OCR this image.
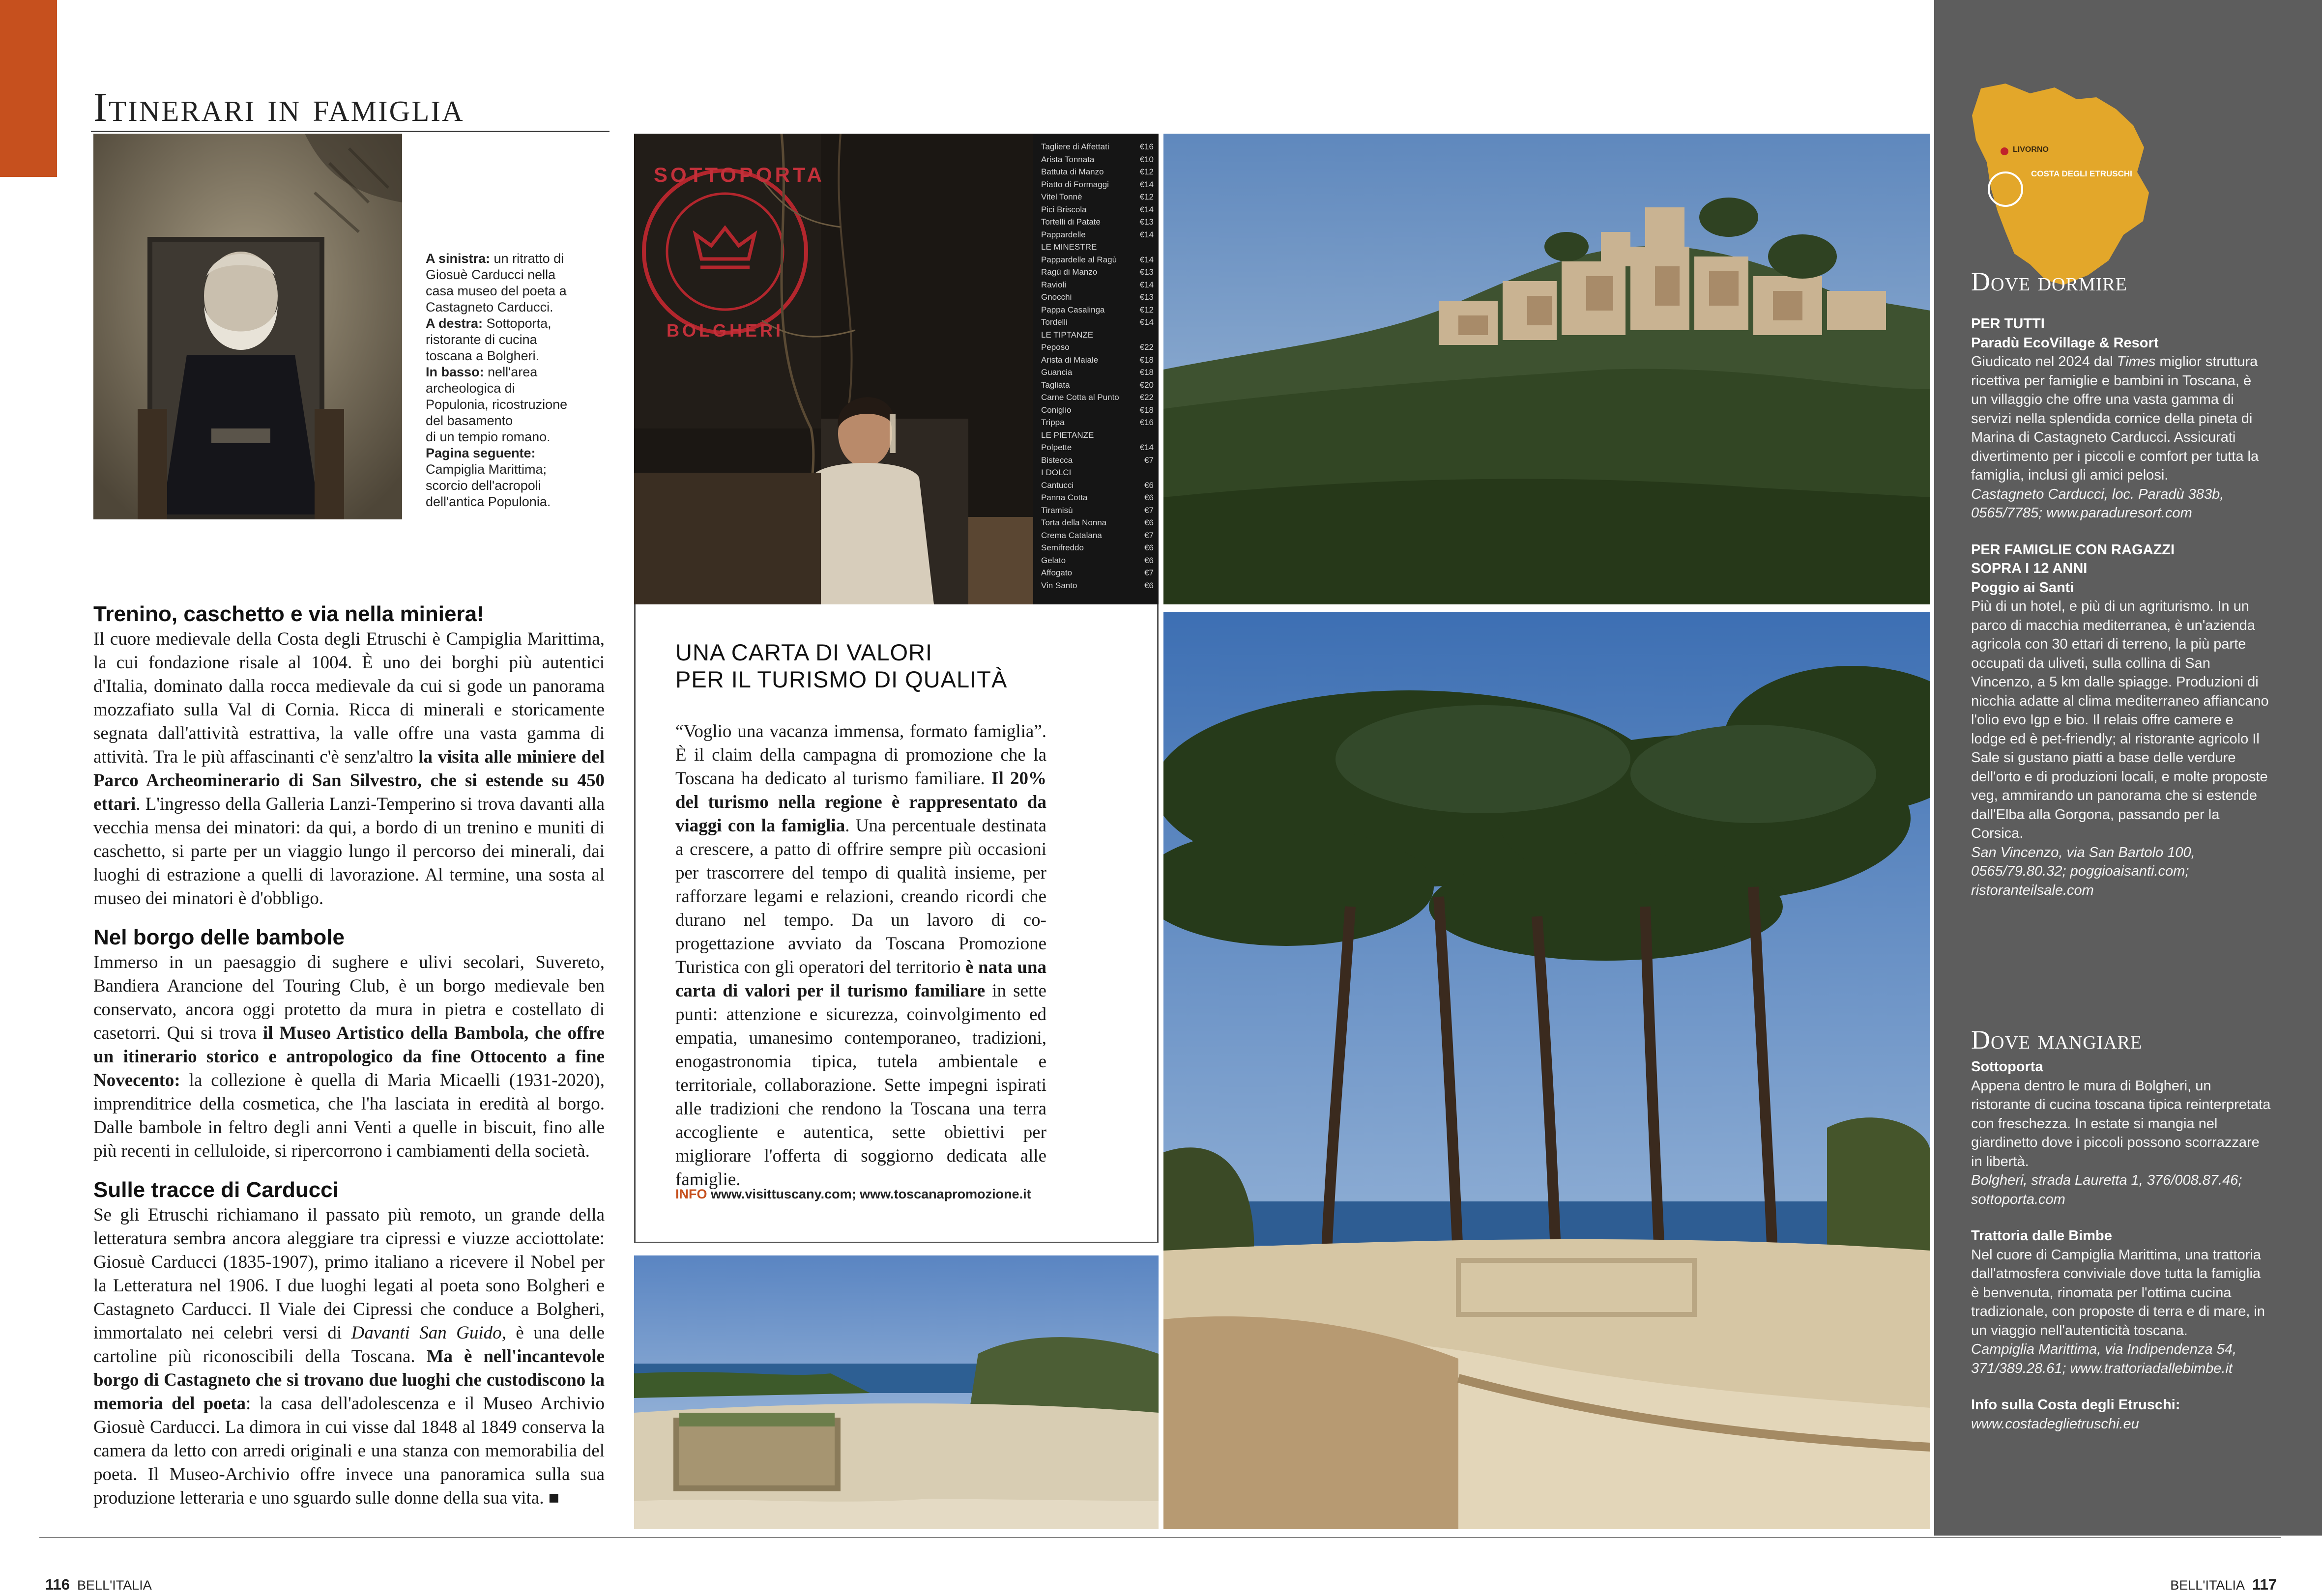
Itinerari in famiglia
A sinistra: un ritratto di
Giosuè Carducci nella
casa museo del poeta a
Castagneto Carducci.
A destra: Sottoporta,
ristorante di cucina
toscana a Bolgheri.
In basso: nell'area
archeologica di
Populonia, ricostruzione
del basamento
di un tempio romano.
Pagina seguente:
Campiglia Marittima;
scorcio dell'acropoli
dell'antica Populonia.
SOTTOPORTA
BOLGHERI
Tagliere di Affettati	€16
Arista Tonnata	€10
Battuta di Manzo	€12
Piatto di Formaggi	€14
Vitel Tonnè	€12
Pici Briscola	€14
Tortelli di Patate	€13
Pappardelle	€14
LE MINESTRE
Pappardelle al Ragù	€14
Ragù di Manzo	€13
Ravioli	€14
Gnocchi	€13
Pappa Casalinga	€12
Tordelli	€14
LE TIPTANZE
Peposo	€22
Arista di Maiale	€18
Guancia	€18
Tagliata	€20
Carne Cotta al Punto €22
Coniglio	€18
Trippa	€16
LE PIETANZE
Polpette	€14
Bistecca	€7
I DOLCI
Cantucci	€6
Panna Cotta	€6
Tiramisù	€7
Torta della Nonna	€6
Crema Catalana	€7
Semifreddo	€6
Gelato	€6
Affogato	€7
Vin Santo	€6
UNA CARTA DI VALORI
PER IL TURISMO DI QUALITÀ

“Voglio una vacanza immensa, formato famiglia”. È il claim della campagna di promozione che la Toscana ha dedicato al turismo familiare. Il 20% del turismo nella regione è rappresentato da viaggi con la famiglia. Una percentuale destinata a crescere, a patto di offrire sempre più occasioni per trascorrere del tempo di qualità insieme, per rafforzare legami e relazioni, creando ricordi che durano nel tempo. Da un lavoro di co-progettazione avviato da Toscana Promozione Turistica con gli operatori del territorio è nata una carta di valori per il turismo familiare in sette punti: attenzione e sicurezza, coinvolgimento ed empatia, umanesimo contemporaneo, tradizioni, enogastronomia tipica, tutela ambientale e territoriale, collaborazione. Sette impegni ispirati alle tradizioni che rendono la Toscana una terra accogliente e autentica, sette obiettivi per migliorare l'offerta di soggiorno dedicata alle famiglie.

INFO www.visittuscany.com; www.toscanapromozione.it
Trenino, caschetto e via nella miniera!

Il cuore medievale della Costa degli Etruschi è Campiglia Marittima, la cui fondazione risale al 1004. È uno dei borghi più autentici d'Italia, dominato dalla rocca medievale da cui si gode un panorama mozzafiato sulla Val di Cornia. Ricca di minerali e storicamente segnata dall'attività estrattiva, la valle offre una vasta gamma di attività. Tra le più affascinanti c'è senz'altro la visita alle miniere del Parco Archeominerario di San Silvestro, che si estende su 450 ettari. L'ingresso della Galleria Lanzi-Temperino si trova davanti alla vecchia mensa dei minatori: da qui, a bordo di un trenino e muniti di caschetto, si parte per un viaggio lungo il percorso dei minerali, dai luoghi di estrazione a quelli di lavorazione. Al termine, una sosta al museo dei minatori è d'obbligo.

Nel borgo delle bambole

Immerso in un paesaggio di sughere e ulivi secolari, Suvereto, Bandiera Arancione del Touring Club, è un borgo medievale ben conservato, ancora oggi protetto da mura in pietra e costellato di casetorri. Qui si trova il Museo Artistico della Bambola, che offre un itinerario storico e antropologico da fine Ottocento a fine Novecento: la collezione è quella di Maria Micaelli (1931-2020), imprenditrice della cosmetica, che l'ha lasciata in eredità al borgo. Dalle bambole in feltro degli anni Venti a quelle in biscuit, fino alle più recenti in celluloide, si ripercorrono i cambiamenti della società.

Sulle tracce di Carducci

Se gli Etruschi richiamano il passato più remoto, un grande della letteratura sembra ancora aleggiare tra cipressi e viuzze acciottolate: Giosuè Carducci (1835-1907), primo italiano a ricevere il Nobel per la Letteratura nel 1906. I due luoghi legati al poeta sono Bolgheri e Castagneto Carducci. Il Viale dei Cipressi che conduce a Bolgheri, immortalato nei celebri versi di Davanti San Guido, è una delle cartoline più riconoscibili della Toscana. Ma è nell'incantevole borgo di Castagneto che si trovano due luoghi che custodiscono la memoria del poeta: la casa dell'adolescenza e il Museo Archivio Giosuè Carducci. La dimora in cui visse dal 1848 al 1849 conserva la camera da letto con arredi originali e una stanza con memorabilia del poeta. Il Museo-Archivio offre invece una panoramica sulla sua produzione letteraria e uno sguardo sulle donne della sua vita. ■

LIVORNO
COSTA DEGLI ETRUSCHI
Dove dormire
PER TUTTI
Paradù EcoVillage & Resort
Giudicato nel 2024 dal Times miglior struttura ricettiva per famiglie e bambini in Toscana, è un villaggio che offre una vasta gamma di servizi nella splendida cornice della pineta di Marina di Castagneto Carducci. Assicurati divertimento per i piccoli e comfort per tutta la famiglia, inclusi gli amici pelosi.
Castagneto Carducci, loc. Paradù 383b, 0565/7785; www.paraduresort.com
PER FAMIGLIE CON RAGAZZI
SOPRA I 12 ANNI
Poggio ai Santi
Più di un hotel, e più di un agriturismo. In un parco di macchia mediterranea, è un'azienda agricola con 30 ettari di terreno, la più parte occupati da uliveti, sulla collina di San Vincenzo, a 5 km dalle spiagge. Produzioni di nicchia adatte al clima mediterraneo affiancano l'olio evo Igp e bio. Il relais offre camere e lodge ed è pet-friendly; al ristorante agricolo Il Sale si gustano piatti a base delle verdure dell'orto e di produzioni locali, e molte proposte veg, ammirando un panorama che si estende dall'Elba alla Gorgona, passando per la Corsica.
San Vincenzo, via San Bartolo 100, 0565/79.80.32; poggioaisanti.com; ristoranteilsale.com
Dove mangiare
Sottoporta
Appena dentro le mura di Bolgheri, un ristorante di cucina toscana tipica reinterpretata con freschezza. In estate si mangia nel giardinetto dove i piccoli possono scorrazzare in libertà.
Bolgheri, strada Lauretta 1, 376/008.87.46; sottoporta.com
Trattoria dalle Bimbe
Nel cuore di Campiglia Marittima, una trattoria dall'atmosfera conviviale dove tutta la famiglia è benvenuta, rinomata per l'ottima cucina tradizionale, con proposte di terra e di mare, in un viaggio nell'autenticità toscana.
Campiglia Marittima, via Indipendenza 54, 371/389.28.61; www.trattoriadallebimbe.it
Info sulla Costa degli Etruschi:
www.costadeglietruschi.eu
116 BELL'ITALIA	BELL'ITALIA 117
